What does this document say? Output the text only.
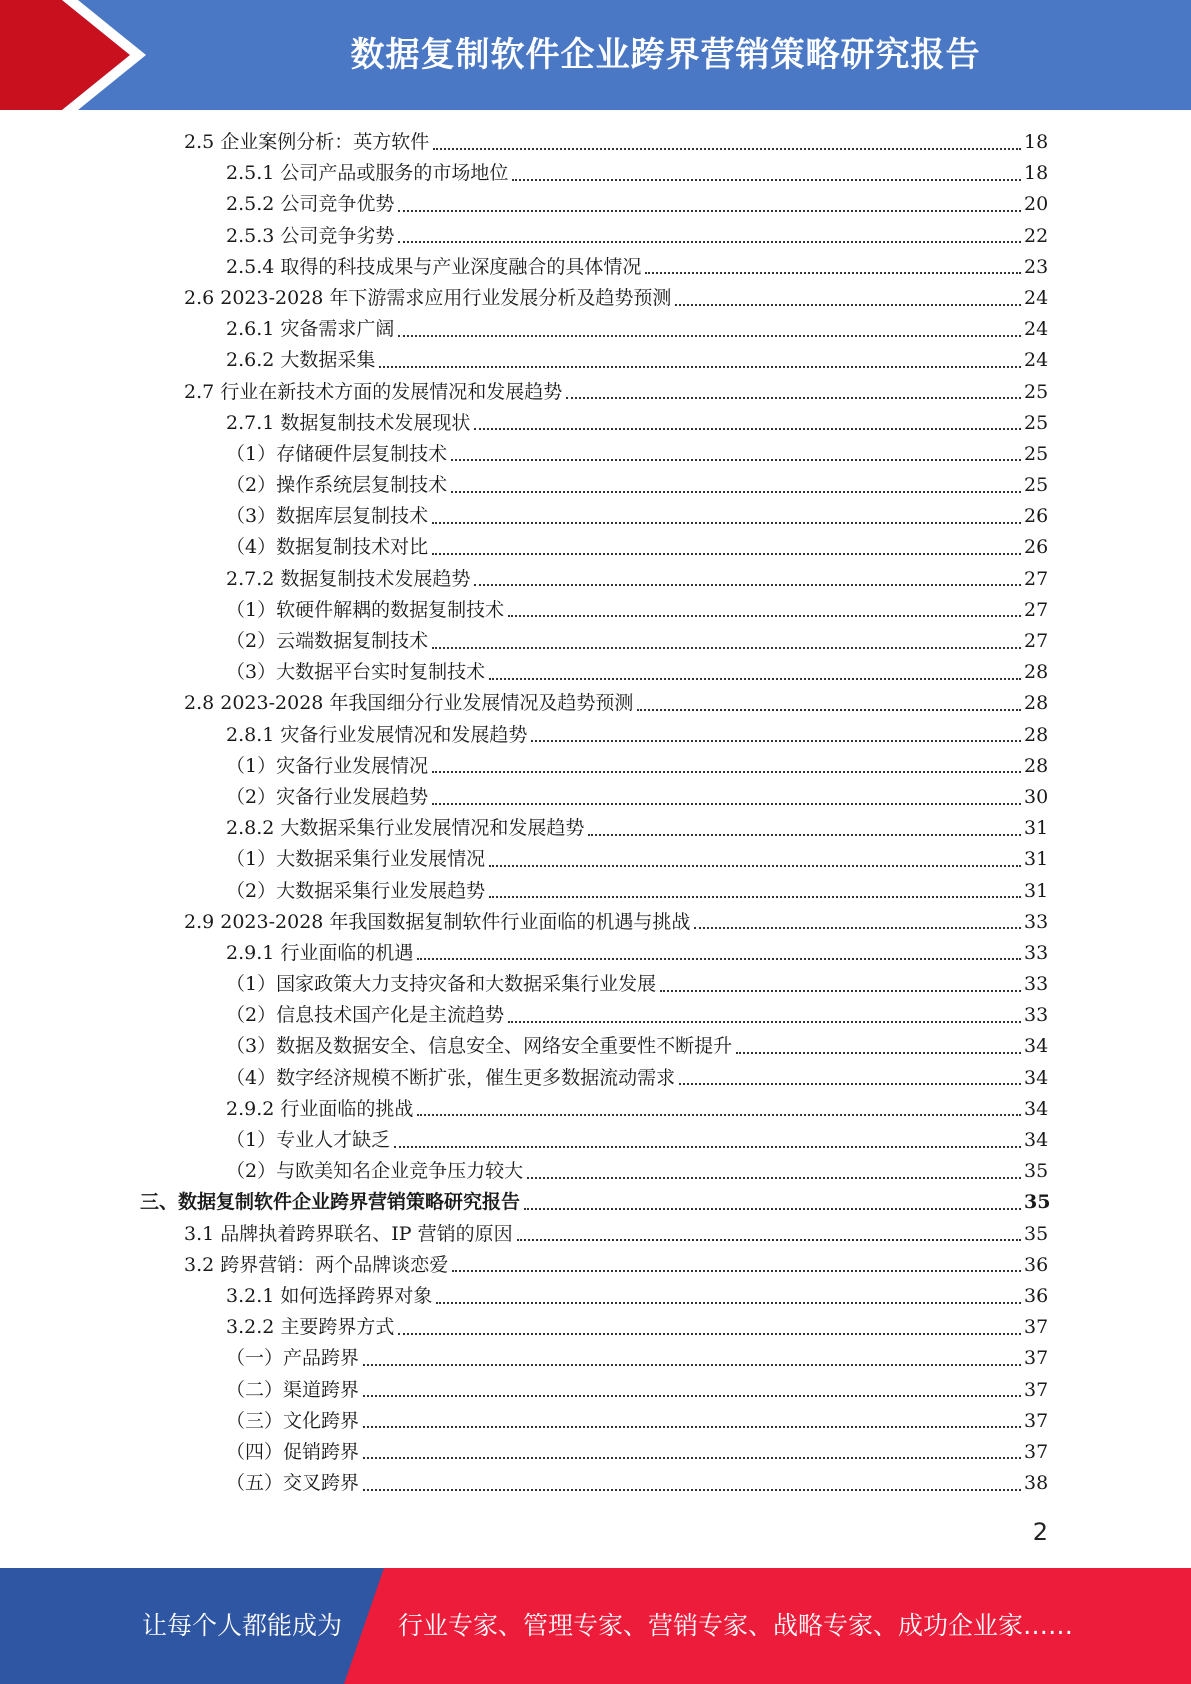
数据复制软件企业跨界营销策略研究报告
2.5 企业案例分析：英方软件	18
2.5.1 公司产品或服务的市场地位	18
2.5.2 公司竞争优势	20
2.5.3 公司竞争劣势	22
2.5.4 取得的科技成果与产业深度融合的具体情况	23
2.6 2023-2028 年下游需求应用行业发展分析及趋势预测	24
2.6.1 灾备需求广阔	24
2.6.2 大数据采集	24
2.7 行业在新技术方面的发展情况和发展趋势	25
2.7.1 数据复制技术发展现状	25
（1）存储硬件层复制技术	25
（2）操作系统层复制技术	25
（3）数据库层复制技术	26
（4）数据复制技术对比	26
2.7.2 数据复制技术发展趋势	27
（1）软硬件解耦的数据复制技术	27
（2）云端数据复制技术	27
（3）大数据平台实时复制技术	28
2.8 2023-2028 年我国细分行业发展情况及趋势预测	28
2.8.1 灾备行业发展情况和发展趋势	28
（1）灾备行业发展情况	28
（2）灾备行业发展趋势	30
2.8.2 大数据采集行业发展情况和发展趋势	31
（1）大数据采集行业发展情况	31
（2）大数据采集行业发展趋势	31
2.9 2023-2028 年我国数据复制软件行业面临的机遇与挑战	33
2.9.1 行业面临的机遇	33
（1）国家政策大力支持灾备和大数据采集行业发展	33
（2）信息技术国产化是主流趋势	33
（3）数据及数据安全、信息安全、网络安全重要性不断提升	34
（4）数字经济规模不断扩张，催生更多数据流动需求	34
2.9.2 行业面临的挑战	34
（1）专业人才缺乏	34
（2）与欧美知名企业竞争压力较大	35
三、数据复制软件企业跨界营销策略研究报告	35
3.1 品牌执着跨界联名、IP 营销的原因	35
3.2 跨界营销：两个品牌谈恋爱	36
3.2.1 如何选择跨界对象	36
3.2.2 主要跨界方式	37
（一）产品跨界	37
（二）渠道跨界	37
（三）文化跨界	37
（四）促销跨界	37
（五）交叉跨界	38
2
让每个人都能成为 行业专家、管理专家、营销专家、战略专家、成功企业家……
